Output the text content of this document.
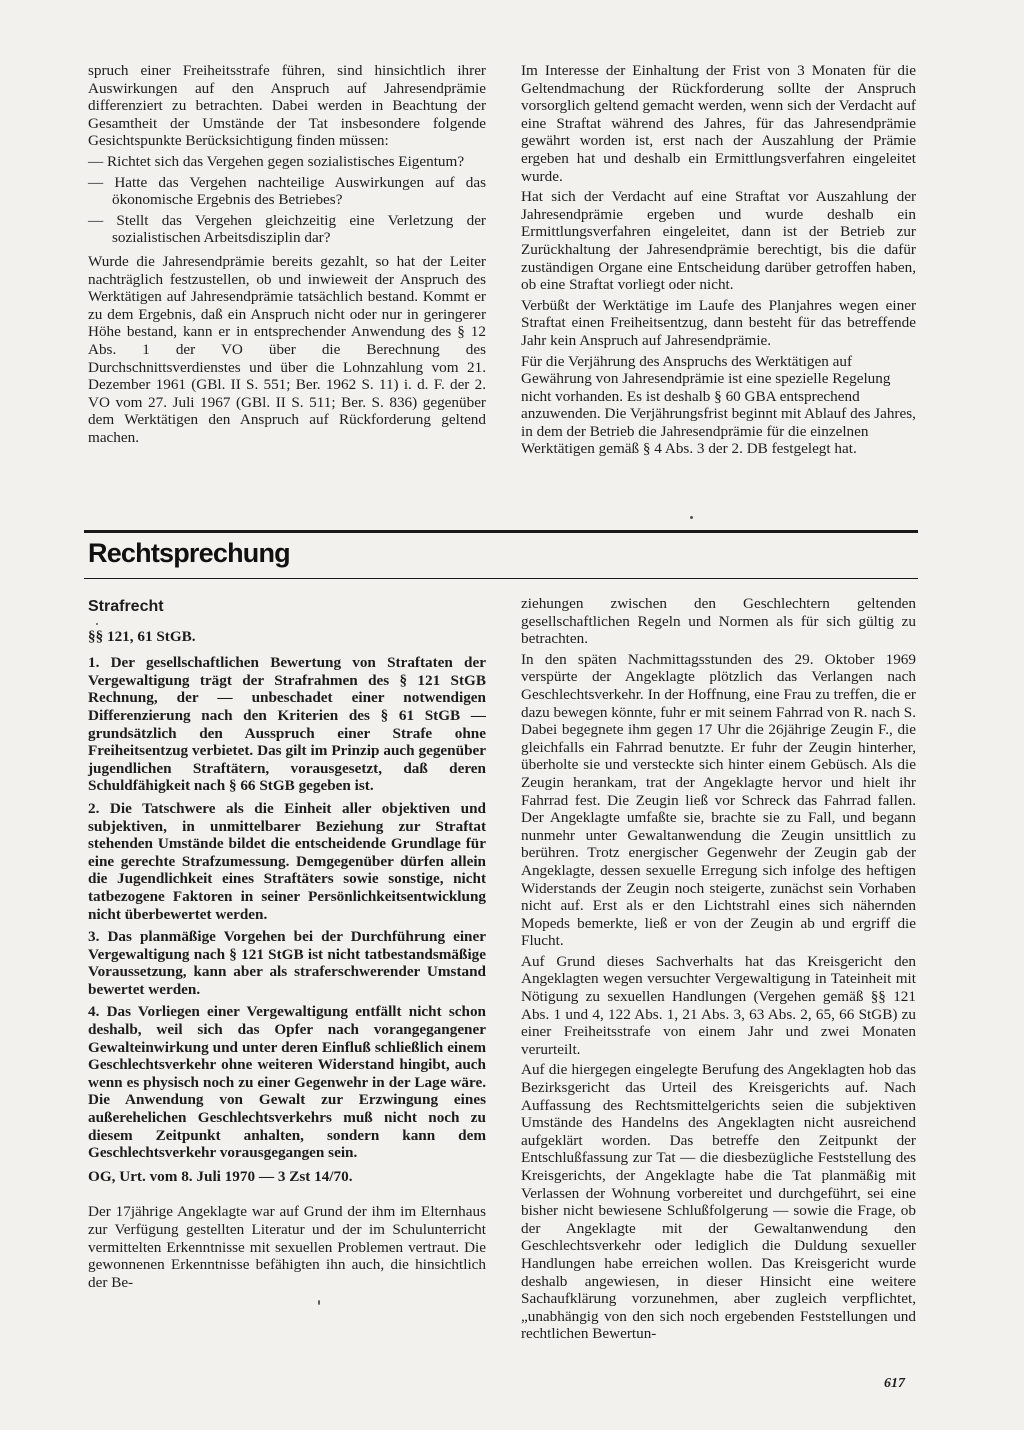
spruch einer Freiheitsstrafe führen, sind hinsichtlich ihrer Auswirkungen auf den Anspruch auf Jahresendprämie differenziert zu betrachten. Dabei werden in Beachtung der Gesamtheit der Umstände der Tat insbesondere folgende Gesichtspunkte Berücksichtigung finden müssen:

— Richtet sich das Vergehen gegen sozialistisches Eigentum?

— Hatte das Vergehen nachteilige Auswirkungen auf das ökonomische Ergebnis des Betriebes?

— Stellt das Vergehen gleichzeitig eine Verletzung der sozialistischen Arbeitsdisziplin dar?

Wurde die Jahresendprämie bereits gezahlt, so hat der Leiter nachträglich festzustellen, ob und inwieweit der Anspruch des Werktätigen auf Jahresendprämie tatsächlich bestand. Kommt er zu dem Ergebnis, daß ein Anspruch nicht oder nur in geringerer Höhe bestand, kann er in entsprechender Anwendung des § 12 Abs. 1 der VO über die Berechnung des Durchschnittsverdienstes und über die Lohnzahlung vom 21. Dezember 1961 (GBl. II S. 551; Ber. 1962 S. 11) i. d. F. der 2. VO vom 27. Juli 1967 (GBl. II S. 511; Ber. S. 836) gegenüber dem Werktätigen den Anspruch auf Rückforderung geltend machen.

Im Interesse der Einhaltung der Frist von 3 Monaten für die Geltendmachung der Rückforderung sollte der Anspruch vorsorglich geltend gemacht werden, wenn sich der Verdacht auf eine Straftat während des Jahres, für das Jahresendprämie gewährt worden ist, erst nach der Auszahlung der Prämie ergeben hat und deshalb ein Ermittlungsverfahren eingeleitet wurde.

Hat sich der Verdacht auf eine Straftat vor Auszahlung der Jahresendprämie ergeben und wurde deshalb ein Ermittlungsverfahren eingeleitet, dann ist der Betrieb zur Zurückhaltung der Jahresendprämie berechtigt, bis die dafür zuständigen Organe eine Entscheidung darüber getroffen haben, ob eine Straftat vorliegt oder nicht.

Verbüßt der Werktätige im Laufe des Planjahres wegen einer Straftat einen Freiheitsentzug, dann besteht für das betreffende Jahr kein Anspruch auf Jahresendprämie.

Für die Verjährung des Anspruchs des Werktätigen auf Gewährung von Jahresendprämie ist eine spezielle Regelung nicht vorhanden. Es ist deshalb § 60 GBA entsprechend anzuwenden. Die Verjährungsfrist beginnt mit Ablauf des Jahres, in dem der Betrieb die Jahresendprämie für die einzelnen Werktätigen gemäß § 4 Abs. 3 der 2. DB festgelegt hat.

Rechtsprechung

Strafrecht

§§ 121, 61 StGB.

1. Der gesellschaftlichen Bewertung von Straftaten der Vergewaltigung trägt der Strafrahmen des § 121 StGB Rechnung, der — unbeschadet einer notwendigen Differenzierung nach den Kriterien des § 61 StGB — grundsätzlich den Ausspruch einer Strafe ohne Freiheitsentzug verbietet. Das gilt im Prinzip auch gegenüber jugendlichen Straftätern, vorausgesetzt, daß deren Schuldfähigkeit nach § 66 StGB gegeben ist.

2. Die Tatschwere als die Einheit aller objektiven und subjektiven, in unmittelbarer Beziehung zur Straftat stehenden Umstände bildet die entscheidende Grundlage für eine gerechte Strafzumessung. Demgegenüber dürfen allein die Jugendlichkeit eines Straftäters sowie sonstige, nicht tatbezogene Faktoren in seiner Persönlichkeitsentwicklung nicht überbewertet werden.

3. Das planmäßige Vorgehen bei der Durchführung einer Vergewaltigung nach § 121 StGB ist nicht tatbestandsmäßige Voraussetzung, kann aber als straferschwerender Umstand bewertet werden.

4. Das Vorliegen einer Vergewaltigung entfällt nicht schon deshalb, weil sich das Opfer nach vorangegangener Gewalteinwirkung und unter deren Einfluß schließlich einem Geschlechtsverkehr ohne weiteren Widerstand hingibt, auch wenn es physisch noch zu einer Gegenwehr in der Lage wäre. Die Anwendung von Gewalt zur Erzwingung eines außerehelichen Geschlechtsverkehrs muß nicht noch zu diesem Zeitpunkt anhalten, sondern kann dem Geschlechtsverkehr vorausgegangen sein.

OG, Urt. vom 8. Juli 1970 — 3 Zst 14/70.

Der 17jährige Angeklagte war auf Grund der ihm im Elternhaus zur Verfügung gestellten Literatur und der im Schulunterricht vermittelten Erkenntnisse mit sexuellen Problemen vertraut. Die gewonnenen Erkenntnisse befähigten ihn auch, die hinsichtlich der Be-

ziehungen zwischen den Geschlechtern geltenden gesellschaftlichen Regeln und Normen als für sich gültig zu betrachten.

In den späten Nachmittagsstunden des 29. Oktober 1969 verspürte der Angeklagte plötzlich das Verlangen nach Geschlechtsverkehr. In der Hoffnung, eine Frau zu treffen, die er dazu bewegen könnte, fuhr er mit seinem Fahrrad von R. nach S. Dabei begegnete ihm gegen 17 Uhr die 26jährige Zeugin F., die gleichfalls ein Fahrrad benutzte. Er fuhr der Zeugin hinterher, überholte sie und versteckte sich hinter einem Gebüsch. Als die Zeugin herankam, trat der Angeklagte hervor und hielt ihr Fahrrad fest. Die Zeugin ließ vor Schreck das Fahrrad fallen. Der Angeklagte umfaßte sie, brachte sie zu Fall, und begann nunmehr unter Gewaltanwendung die Zeugin unsittlich zu berühren. Trotz energischer Gegenwehr der Zeugin gab der Angeklagte, dessen sexuelle Erregung sich infolge des heftigen Widerstands der Zeugin noch steigerte, zunächst sein Vorhaben nicht auf. Erst als er den Lichtstrahl eines sich nähernden Mopeds bemerkte, ließ er von der Zeugin ab und ergriff die Flucht.

Auf Grund dieses Sachverhalts hat das Kreisgericht den Angeklagten wegen versuchter Vergewaltigung in Tateinheit mit Nötigung zu sexuellen Handlungen (Vergehen gemäß §§ 121 Abs. 1 und 4, 122 Abs. 1, 21 Abs. 3, 63 Abs. 2, 65, 66 StGB) zu einer Freiheitsstrafe von einem Jahr und zwei Monaten verurteilt.

Auf die hiergegen eingelegte Berufung des Angeklagten hob das Bezirksgericht das Urteil des Kreisgerichts auf. Nach Auffassung des Rechtsmittelgerichts seien die subjektiven Umstände des Handelns des Angeklagten nicht ausreichend aufgeklärt worden. Das betreffe den Zeitpunkt der Entschlußfassung zur Tat — die diesbezügliche Feststellung des Kreisgerichts, der Angeklagte habe die Tat planmäßig mit Verlassen der Wohnung vorbereitet und durchgeführt, sei eine bisher nicht bewiesene Schlußfolgerung — sowie die Frage, ob der Angeklagte mit der Gewaltanwendung den Geschlechtsverkehr oder lediglich die Duldung sexueller Handlungen habe erreichen wollen. Das Kreisgericht wurde deshalb angewiesen, in dieser Hinsicht eine weitere Sachaufklärung vorzunehmen, aber zugleich verpflichtet, „unabhängig von den sich noch ergebenden Feststellungen und rechtlichen Bewertun-

617
